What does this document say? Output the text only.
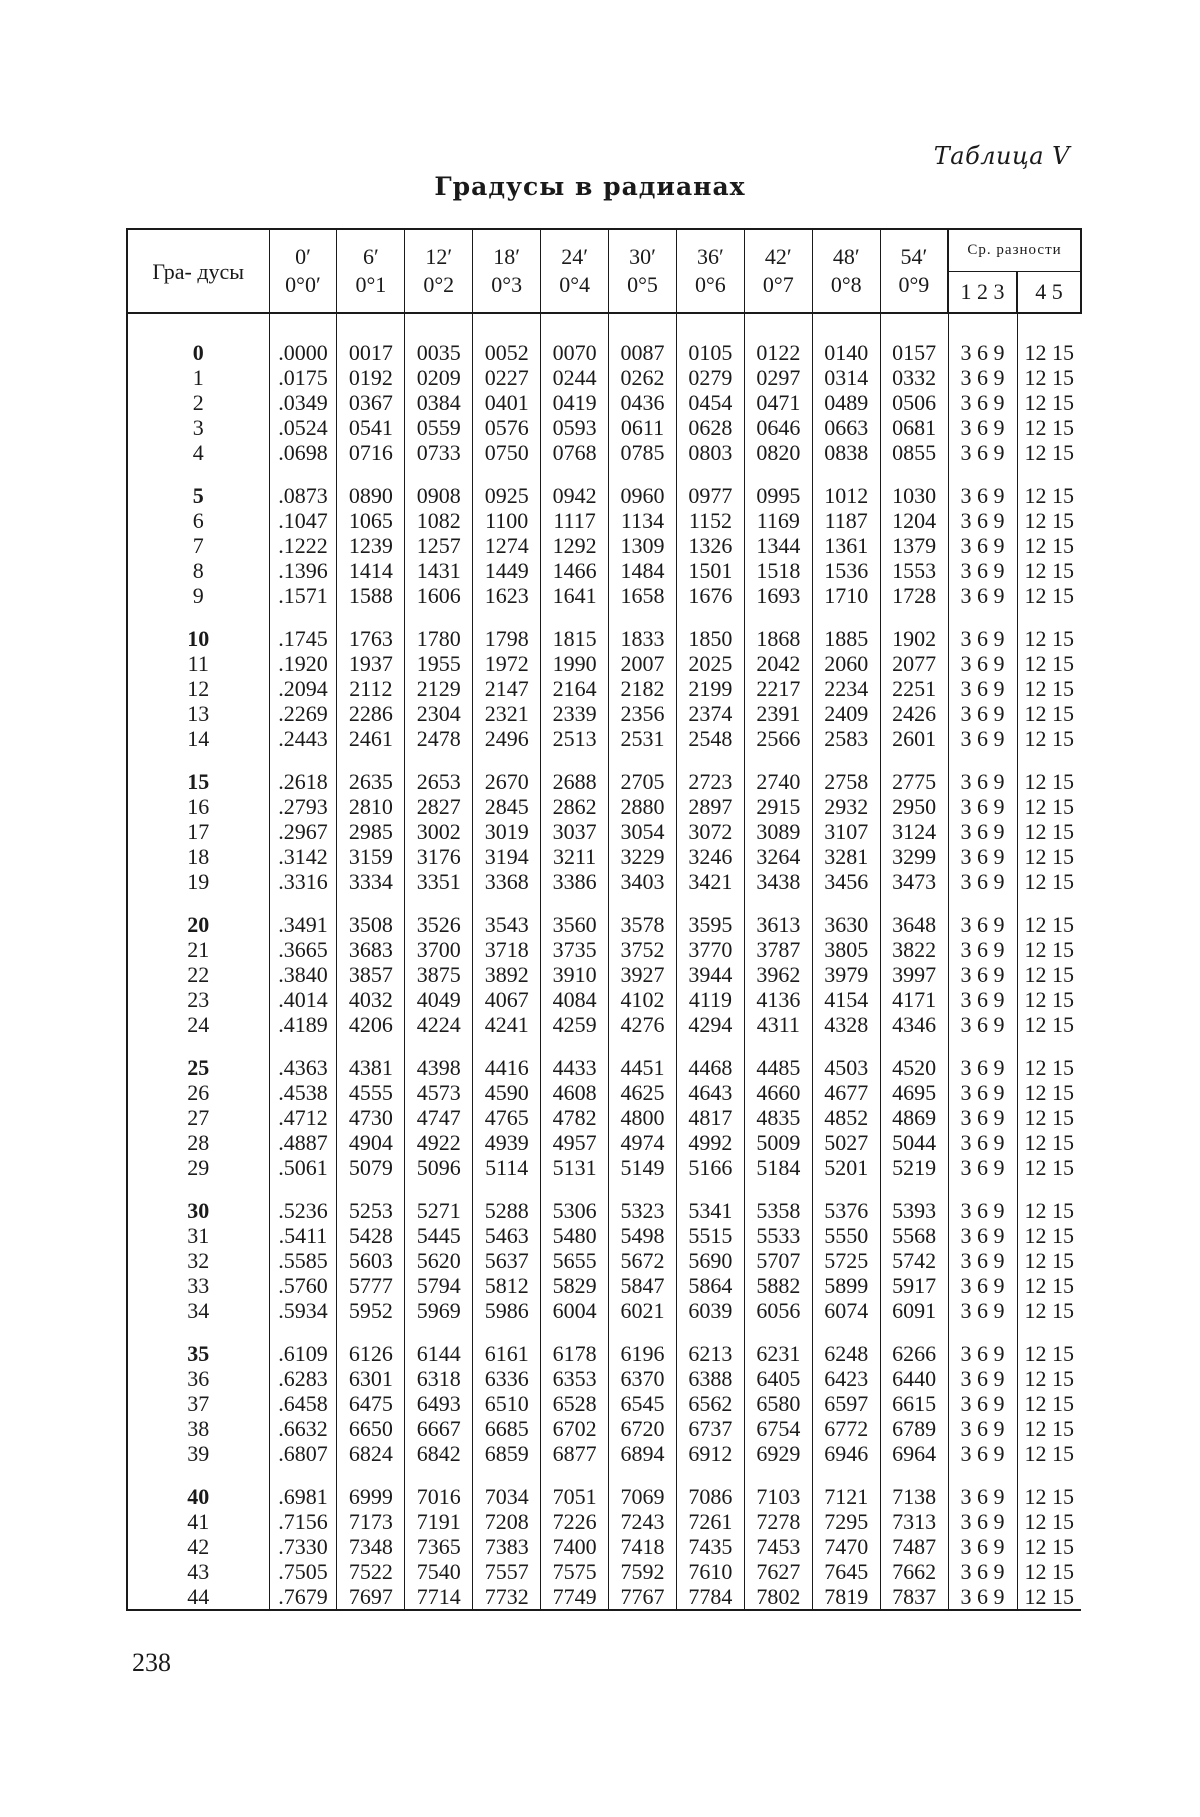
Таблица V
Градусы в радианах
Гра- дусы	
0′
0°0′

6′
0°1

12′
0°2

18′
0°3

24′
0°4

30′
0°5

36′
0°6

42′
0°7

48′
0°8

54′
0°9
	Ср. разности
1 2 3	4 5

0	.0000	0017	0035	0052	0070	0087	0105	0122	0140	0157	3 6 9	12 15
1	.0175	0192	0209	0227	0244	0262	0279	0297	0314	0332	3 6 9	12 15
2	.0349	0367	0384	0401	0419	0436	0454	0471	0489	0506	3 6 9	12 15
3	.0524	0541	0559	0576	0593	0611	0628	0646	0663	0681	3 6 9	12 15
4	.0698	0716	0733	0750	0768	0785	0803	0820	0838	0855	3 6 9	12 15

5	.0873	0890	0908	0925	0942	0960	0977	0995	1012	1030	3 6 9	12 15
6	.1047	1065	1082	1100	1117	1134	1152	1169	1187	1204	3 6 9	12 15
7	.1222	1239	1257	1274	1292	1309	1326	1344	1361	1379	3 6 9	12 15
8	.1396	1414	1431	1449	1466	1484	1501	1518	1536	1553	3 6 9	12 15
9	.1571	1588	1606	1623	1641	1658	1676	1693	1710	1728	3 6 9	12 15

10	.1745	1763	1780	1798	1815	1833	1850	1868	1885	1902	3 6 9	12 15
11	.1920	1937	1955	1972	1990	2007	2025	2042	2060	2077	3 6 9	12 15
12	.2094	2112	2129	2147	2164	2182	2199	2217	2234	2251	3 6 9	12 15
13	.2269	2286	2304	2321	2339	2356	2374	2391	2409	2426	3 6 9	12 15
14	.2443	2461	2478	2496	2513	2531	2548	2566	2583	2601	3 6 9	12 15

15	.2618	2635	2653	2670	2688	2705	2723	2740	2758	2775	3 6 9	12 15
16	.2793	2810	2827	2845	2862	2880	2897	2915	2932	2950	3 6 9	12 15
17	.2967	2985	3002	3019	3037	3054	3072	3089	3107	3124	3 6 9	12 15
18	.3142	3159	3176	3194	3211	3229	3246	3264	3281	3299	3 6 9	12 15
19	.3316	3334	3351	3368	3386	3403	3421	3438	3456	3473	3 6 9	12 15

20	.3491	3508	3526	3543	3560	3578	3595	3613	3630	3648	3 6 9	12 15
21	.3665	3683	3700	3718	3735	3752	3770	3787	3805	3822	3 6 9	12 15
22	.3840	3857	3875	3892	3910	3927	3944	3962	3979	3997	3 6 9	12 15
23	.4014	4032	4049	4067	4084	4102	4119	4136	4154	4171	3 6 9	12 15
24	.4189	4206	4224	4241	4259	4276	4294	4311	4328	4346	3 6 9	12 15

25	.4363	4381	4398	4416	4433	4451	4468	4485	4503	4520	3 6 9	12 15
26	.4538	4555	4573	4590	4608	4625	4643	4660	4677	4695	3 6 9	12 15
27	.4712	4730	4747	4765	4782	4800	4817	4835	4852	4869	3 6 9	12 15
28	.4887	4904	4922	4939	4957	4974	4992	5009	5027	5044	3 6 9	12 15
29	.5061	5079	5096	5114	5131	5149	5166	5184	5201	5219	3 6 9	12 15

30	.5236	5253	5271	5288	5306	5323	5341	5358	5376	5393	3 6 9	12 15
31	.5411	5428	5445	5463	5480	5498	5515	5533	5550	5568	3 6 9	12 15
32	.5585	5603	5620	5637	5655	5672	5690	5707	5725	5742	3 6 9	12 15
33	.5760	5777	5794	5812	5829	5847	5864	5882	5899	5917	3 6 9	12 15
34	.5934	5952	5969	5986	6004	6021	6039	6056	6074	6091	3 6 9	12 15

35	.6109	6126	6144	6161	6178	6196	6213	6231	6248	6266	3 6 9	12 15
36	.6283	6301	6318	6336	6353	6370	6388	6405	6423	6440	3 6 9	12 15
37	.6458	6475	6493	6510	6528	6545	6562	6580	6597	6615	3 6 9	12 15
38	.6632	6650	6667	6685	6702	6720	6737	6754	6772	6789	3 6 9	12 15
39	.6807	6824	6842	6859	6877	6894	6912	6929	6946	6964	3 6 9	12 15

40	.6981	6999	7016	7034	7051	7069	7086	7103	7121	7138	3 6 9	12 15
41	.7156	7173	7191	7208	7226	7243	7261	7278	7295	7313	3 6 9	12 15
42	.7330	7348	7365	7383	7400	7418	7435	7453	7470	7487	3 6 9	12 15
43	.7505	7522	7540	7557	7575	7592	7610	7627	7645	7662	3 6 9	12 15
44	.7679	7697	7714	7732	7749	7767	7784	7802	7819	7837	3 6 9	12 15
238
